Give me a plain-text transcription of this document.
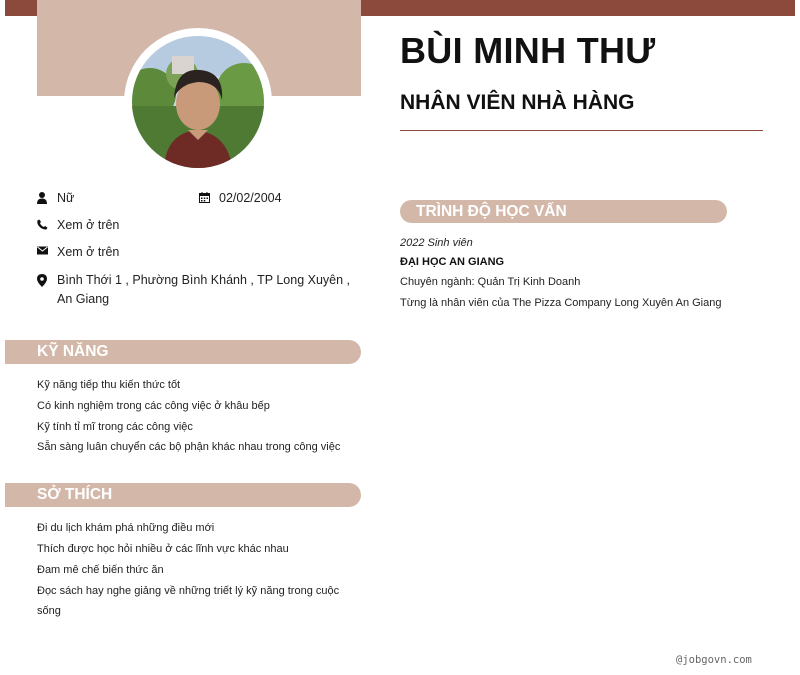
BÙI MINH THƯ
NHÂN VIÊN NHÀ HÀNG
Nữ	02/02/2004
Xem ở trên
Xem ở trên
Bình Thới 1 , Phường Bình Khánh , TP Long Xuyên , An Giang
KỸ NĂNG
Kỹ năng tiếp thu kiến thức tốt
Có kinh nghiệm trong các công việc ở khâu bếp
Kỹ tính tỉ mĩ trong các công việc
Sẵn sàng luân chuyển các bộ phận khác nhau trong công việc
SỞ THÍCH
Đi du lịch khám phá những điều mới
Thích được học hỏi nhiều ở các lĩnh vực khác nhau
Đam mê chế biến thức ăn
Đọc sách hay nghe giảng về những triết lý kỹ năng trong cuộc sống
TRÌNH ĐỘ HỌC VẤN
2022 Sinh viên
ĐẠI HỌC AN GIANG
Chuyên ngành: Quản Trị Kinh Doanh
Từng là nhân viên của The Pizza Company Long Xuyên An Giang
@jobgovn.com
